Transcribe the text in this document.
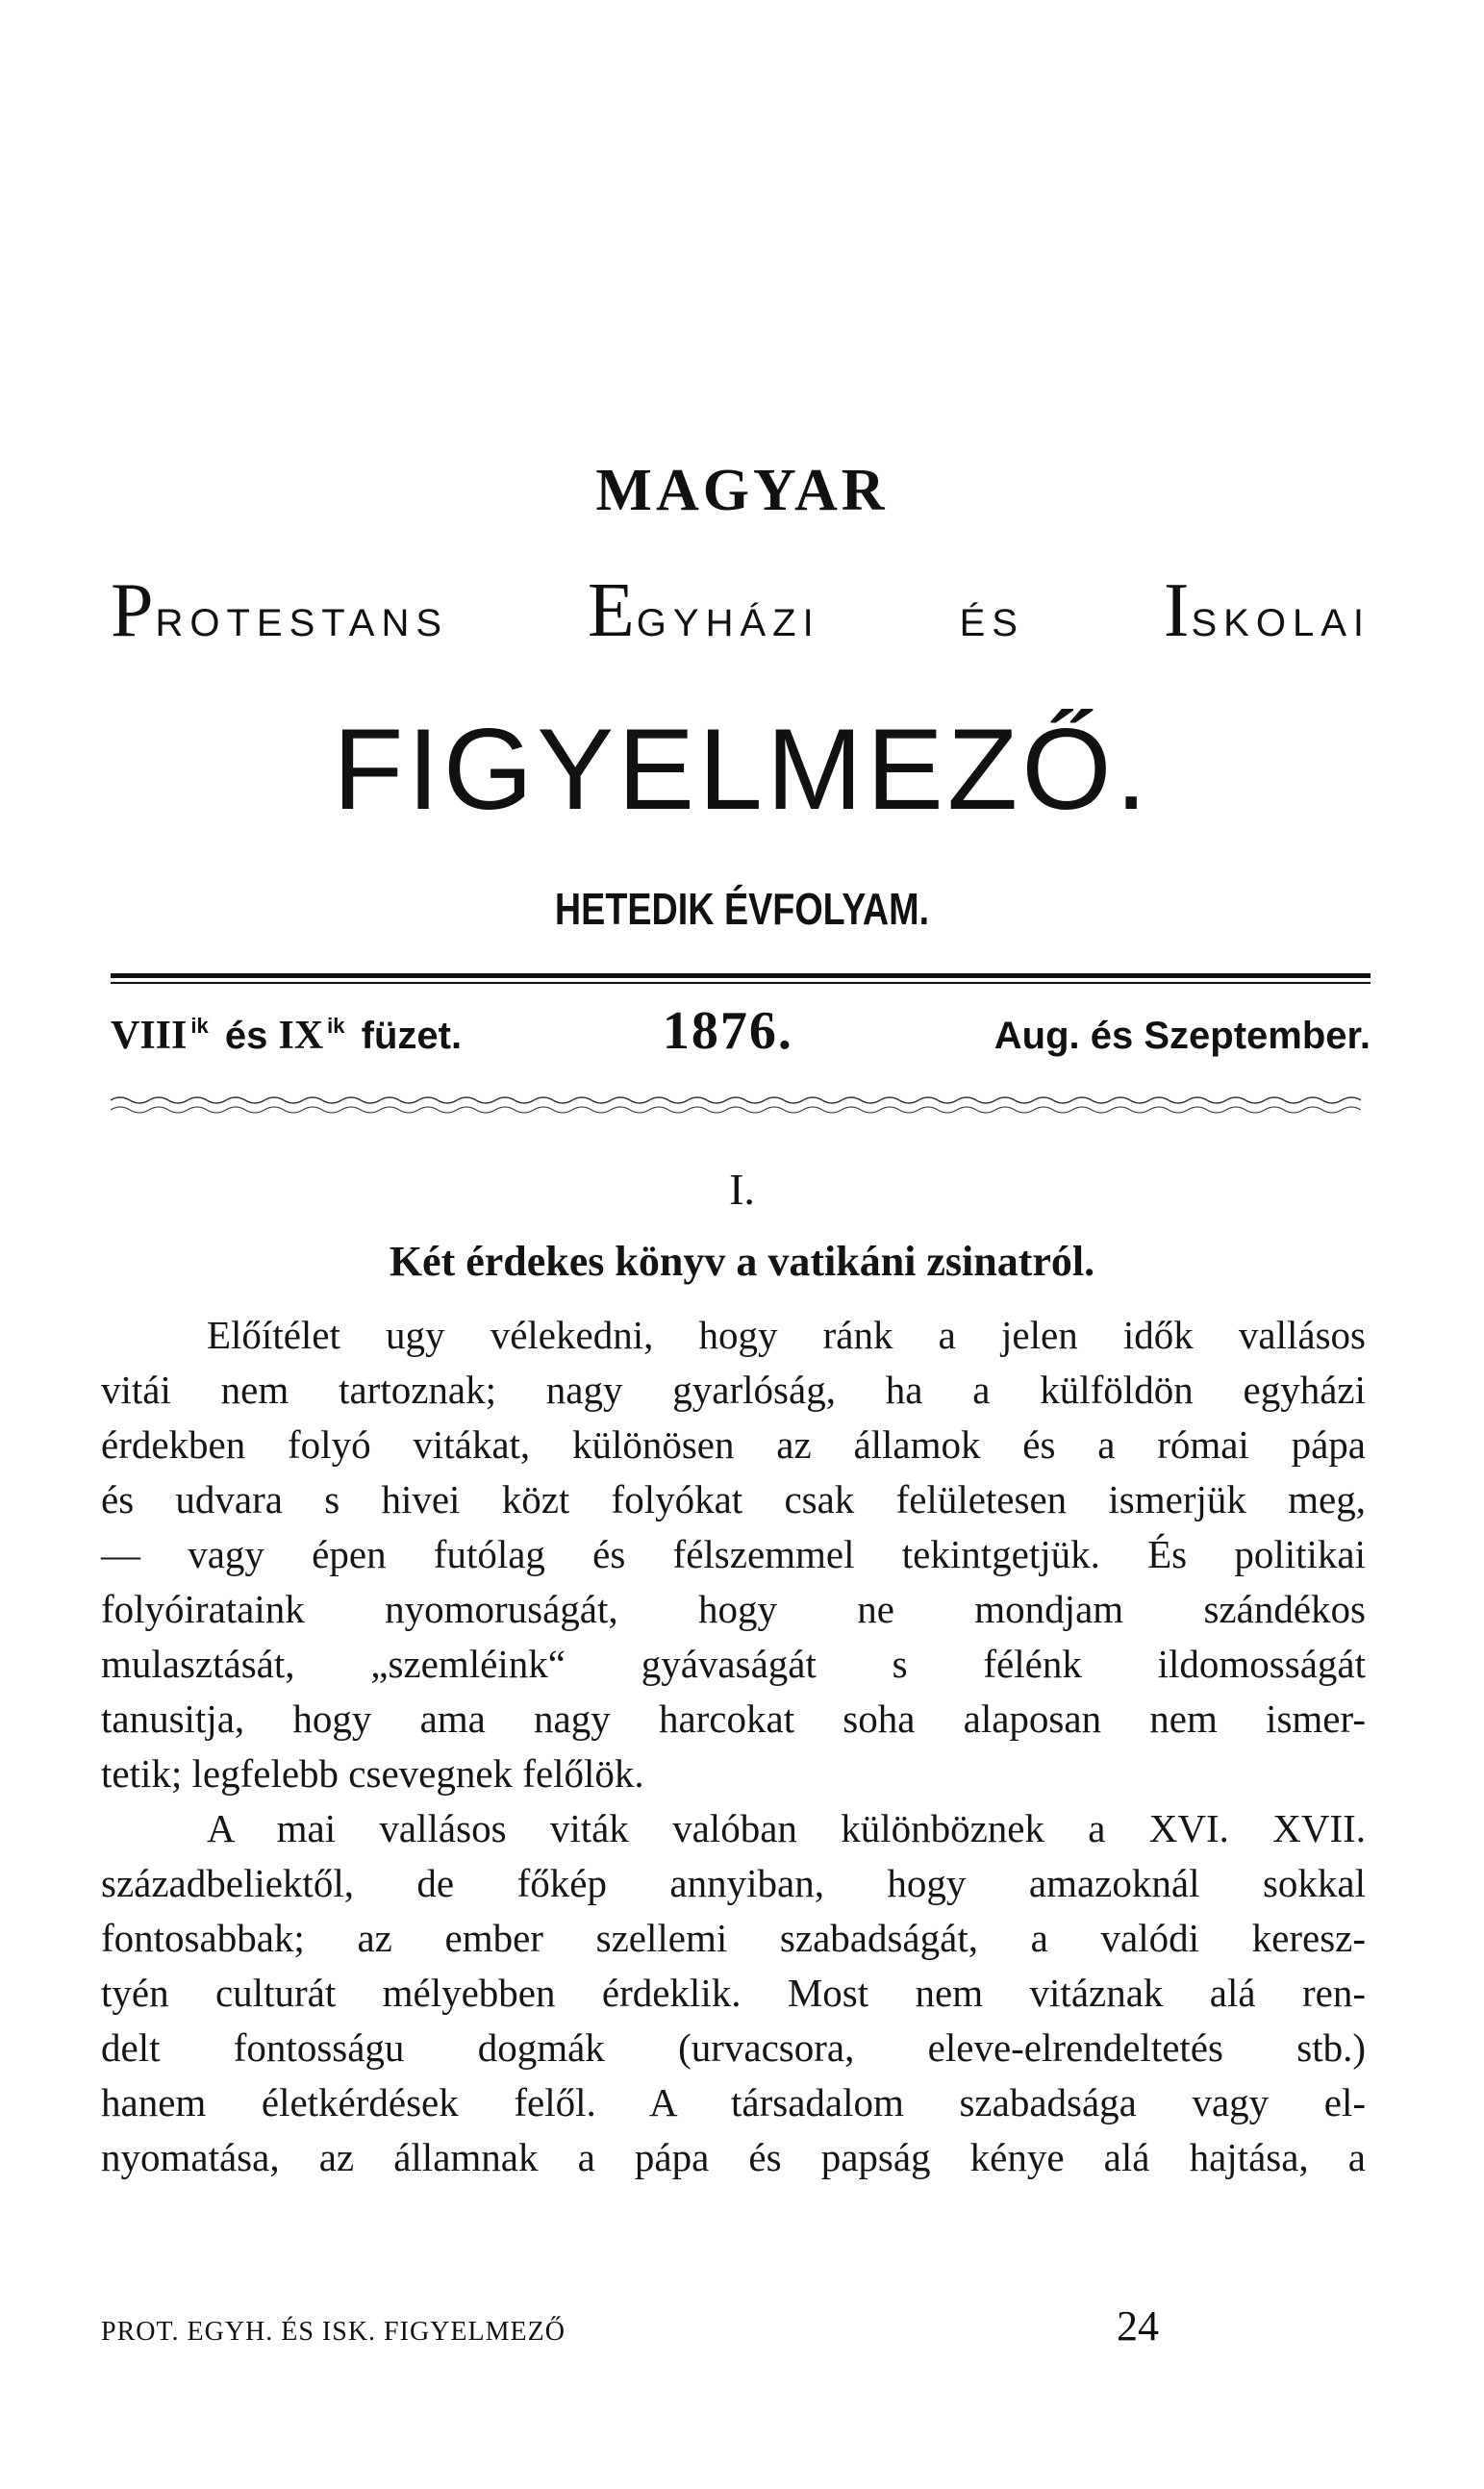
MAGYAR
PROTESTANS EGYHÁZI	ÉS ISKOLAI
FIGYELMEZŐ.
HETEDIK ÉVFOLYAM.
VIII $^{ik}$ és IX $^{ik}$ füzet.	1876.	Aug. és Szeptember.
I.
Két érdekes könyv a vatikáni zsinatról.
Előítélet ugy vélekedni, hogy ránk a jelen idők vallásos
vitái nem tartoznak; nagy gyarlóság, ha a külföldön egyházi
érdekben folyó vitákat, különösen az államok és a római pápa
és udvara s hivei közt folyókat csak felületesen ismerjük meg,
— vagy épen futólag és félszemmel tekintgetjük. És politikai
folyóirataink nyomoruságát, hogy ne mondjam szándékos
mulasztását, „szemléink“ gyávaságát s félénk ildomosságát
tanusitja, hogy ama nagy harcokat soha alaposan nem ismer-
tetik; legfelebb csevegnek felőlök.
A mai vallásos viták valóban különböznek a XVI. XVII.
századbeliektől, de főkép annyiban, hogy amazoknál sokkal
fontosabbak; az ember szellemi szabadságát, a valódi keresz-
tyén culturát mélyebben érdeklik. Most nem vitáznak alá ren-
delt fontosságu dogmák (urvacsora, eleve-elrendeltetés stb.)
hanem életkérdések felől. A társadalom szabadsága vagy el-
nyomatása, az államnak a pápa és papság kénye alá hajtása, a
PROT. EGYH. ÉS ISK. FIGYELMEZŐ	24
